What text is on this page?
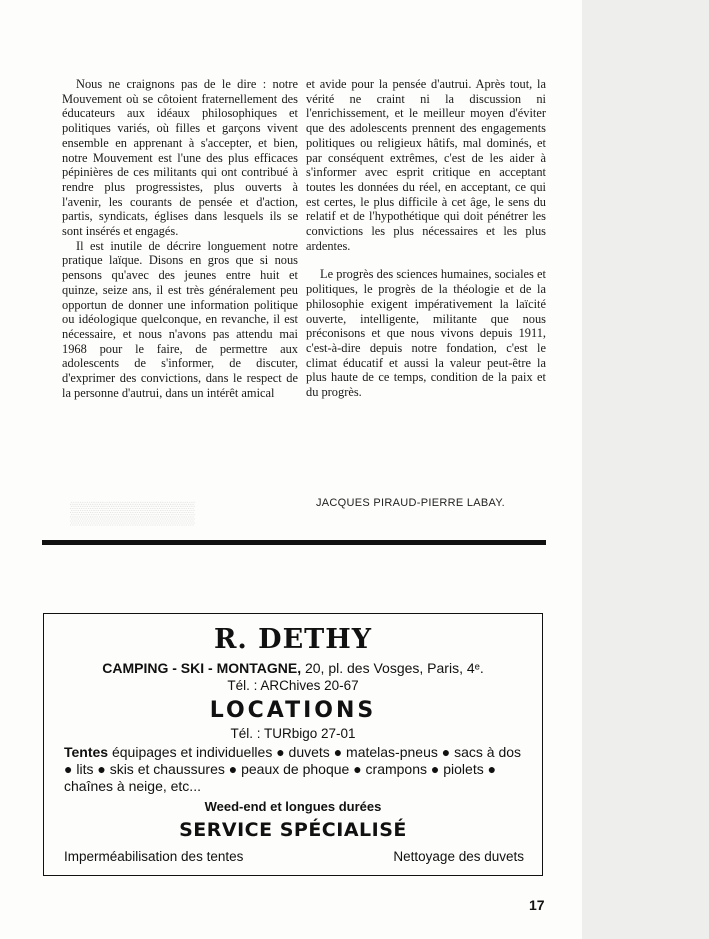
▒▒▒▒▒▒▒▒

Nous ne craignons pas de le dire : notre Mouvement où se côtoient fraternellement des éducateurs aux idéaux philosophiques et politiques variés, où filles et garçons vivent ensemble en apprenant à s'accepter, et bien, notre Mouvement est l'une des plus efficaces pépinières de ces militants qui ont contribué à rendre plus progressistes, plus ouverts à l'avenir, les courants de pensée et d'action, partis, syndicats, églises dans lesquels ils se sont insérés et engagés.

Il est inutile de décrire longuement notre pratique laïque. Disons en gros que si nous pensons qu'avec des jeunes entre huit et quinze, seize ans, il est très généralement peu opportun de donner une information politique ou idéologique quelconque, en revanche, il est nécessaire, et nous n'avons pas attendu mai 1968 pour le faire, de permettre aux adolescents de s'informer, de discuter, d'exprimer des convictions, dans le respect de la personne d'autrui, dans un intérêt amical

et avide pour la pensée d'autrui. Après tout, la vérité ne craint ni la discussion ni l'enrichissement, et le meilleur moyen d'éviter que des adolescents prennent des engagements politiques ou religieux hâtifs, mal dominés, et par conséquent extrêmes, c'est de les aider à s'informer avec esprit critique en acceptant toutes les données du réel, en acceptant, ce qui est certes, le plus difficile à cet âge, le sens du relatif et de l'hypothétique qui doit pénétrer les convictions les plus nécessaires et les plus ardentes.

Le progrès des sciences humaines, sociales et politiques, le progrès de la théologie et de la philosophie exigent impérativement la laïcité ouverte, intelligente, militante que nous préconisons et que nous vivons depuis 1911, c'est-à-dire depuis notre fondation, c'est le climat éducatif et aussi la valeur peut-être la plus haute de ce temps, condition de la paix et du progrès.

JACQUES PIRAUD-PIERRE LABAY.
R. DETHY
CAMPING - SKI - MONTAGNE, 20, pl. des Vosges, Paris, 4ᵉ.
Tél. : ARChives 20-67
LOCATIONS
Tél. : TURbigo 27-01
Tentes équipages et individuelles ● duvets ● matelas-pneus ● sacs à dos ● lits ● skis et chaussures ● peaux de phoque ● crampons ● piolets ● chaînes à neige, etc...
Weed-end et longues durées
SERVICE SPÉCIALISÉ
Imperméabilisation des tentes	Nettoyage des duvets
17
